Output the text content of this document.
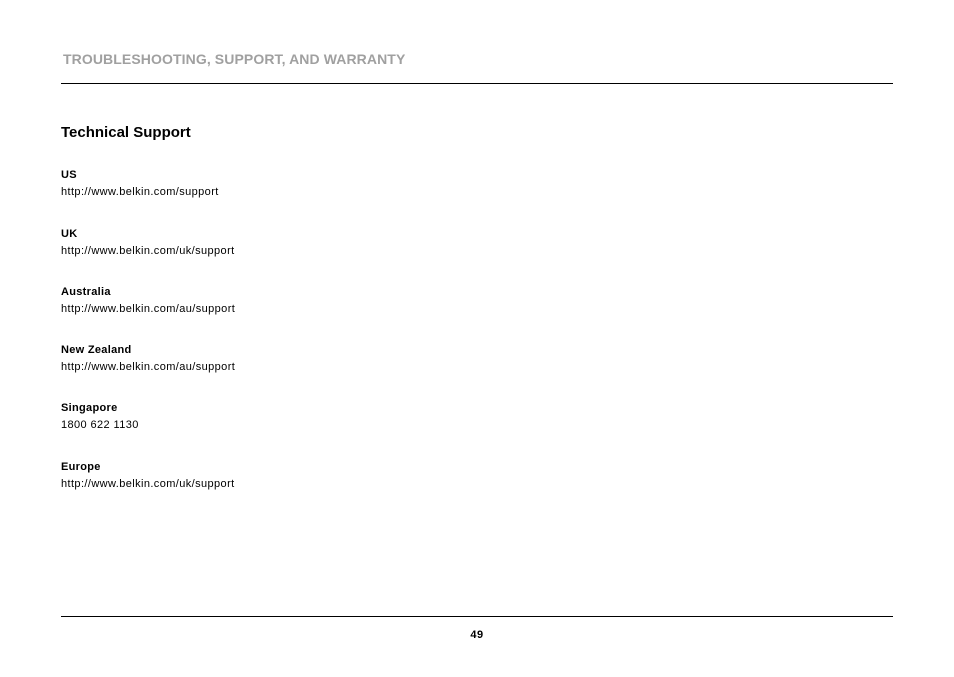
TROUBLESHOOTING, SUPPORT, AND WARRANTY
Technical Support
US
http://www.belkin.com/support
UK
http://www.belkin.com/uk/support
Australia
http://www.belkin.com/au/support
New Zealand
http://www.belkin.com/au/support
Singapore
1800 622 1130
Europe
http://www.belkin.com/uk/support
49
